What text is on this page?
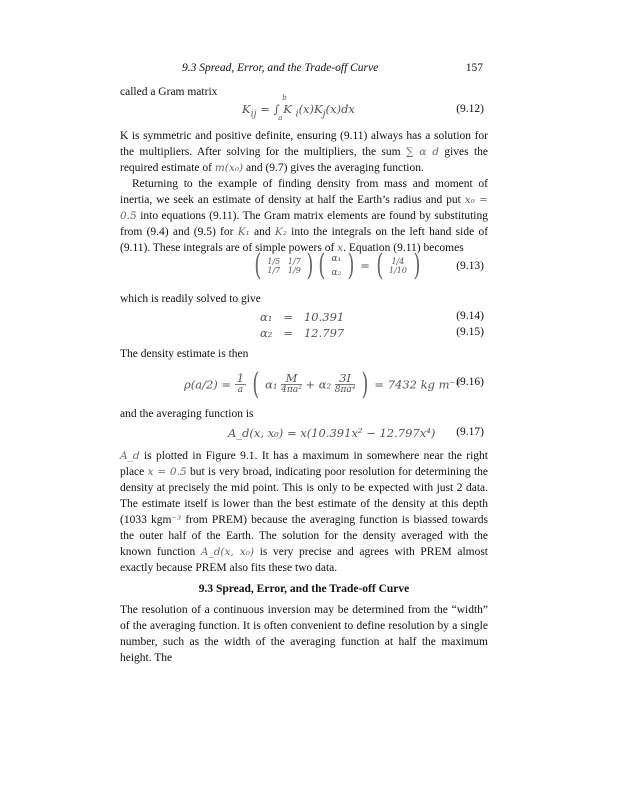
9.3 Spread, Error, and the Trade-off Curve	157
called a Gram matrix
$K_{ij}$ = ∫ K
b
a $_i(x)K_j(x)dx$	(9.12)
K is symmetric and positive definite, ensuring (9.11) always has a solution for the multipliers. After solving for the multipliers, the sum ∑ α d gives the required estimate of m(x₀) and (9.7) gives the averaging function.
Returning to the example of finding density from mass and moment of inertia, we seek an estimate of density at half the Earth’s radius and put x₀ = 0.5 into equations (9.11). The Gram matrix elements are found by substituting from (9.4) and (9.5) for K₁ and K₂ into the integrals on the left hand side of (9.11). These integrals are of simple powers of x. Equation (9.11) becomes
( 1/5
1/7 1/7
1/9 ) ( α₁
α₂ ) = ( 1/4
1/10 )	(9.13)
which is readily solved to give
α₁ = 10.391	(9.14)
α₂ = 12.797	(9.15)
The density estimate is then
$\rho(a/2) = \frac{1}{a}$ ( $\alpha_1 \frac{M}{\text{4πa²}} + \alpha_2 \frac{3I}{\text{8πa⁴}}$ ) = 7432 kg m⁻³
(9.16)
and the averaging function is
A_d(x, x₀) = x(10.391x² − 12.797x⁴) (9.17)
A_d is plotted in Figure 9.1. It has a maximum in somewhere near the right place x = 0.5 but is very broad, indicating poor resolution for determining the density at precisely the mid point. This is only to be expected with just 2 data. The estimate itself is lower than the best estimate of the density at this depth (1033 kgm⁻³ from PREM) because the averaging function is biassed towards the outer half of the Earth. The solution for the density averaged with the known function A_d(x, x₀) is very precise and agrees with PREM almost exactly because PREM also fits these two data.
9.3 Spread, Error, and the Trade-off Curve
The resolution of a continuous inversion may be determined from the “width” of the averaging function. It is often convenient to define resolution by a single number, such as the width of the averaging function at half the maximum height. The
